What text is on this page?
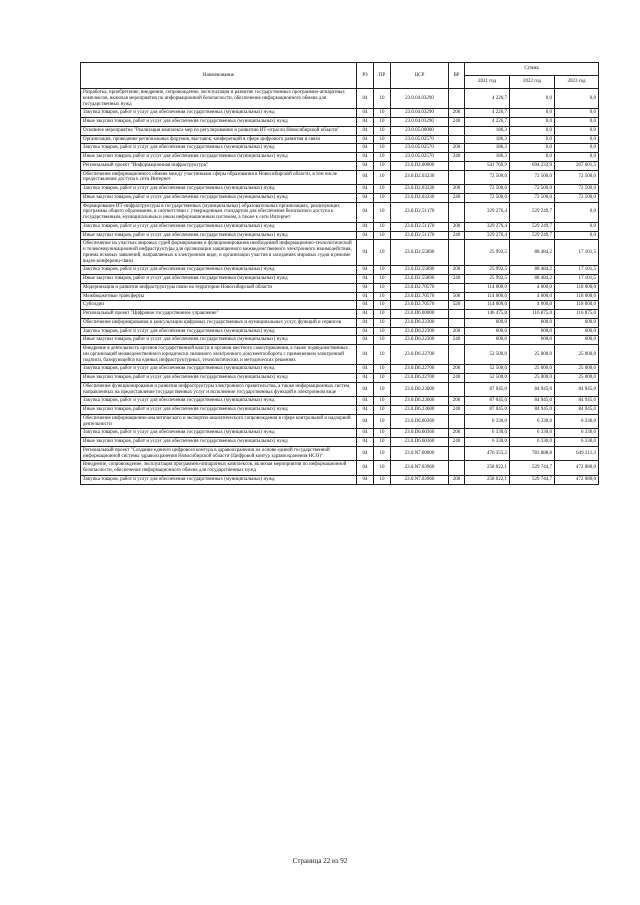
Наименование	РЗ	ПР	ЦСР	ВР	Сумма		
					2021 год	2022 год	2023 год
Разработка, приобретение, внедрение, сопровождение, эксплуатация и развитие государственных программно-аппаратных комплексов, включая мероприятия по информационной безопасности, обеспечение информационного обмена для государственных нужд	04	10	23.0.04.03290		4 226,7	0,0	0,0
Закупка товаров, работ и услуг для обеспечения государственных (муниципальных) нужд	04	10	23.0.04.03290	200	4 226,7	0,0	0,0
Иные закупки товаров, работ и услуг для обеспечения государственных (муниципальных) нужд	04	10	23.0.04.03290	240	4 226,7	0,0	0,0
Основное мероприятие "Реализация комплекса мер по регулированию и развитию ИТ-отрасли Новосибирской области"	04	10	23.0.05.00000		186,3	0,0	0,0
Организация, проведение региональных форумов, выставок, конференций в сфере цифрового развития и связи	04	10	23.0.05.02570		186,3	0,0	0,0
Закупка товаров, работ и услуг для обеспечения государственных (муниципальных) нужд	04	10	23.0.05.02570	200	186,3	0,0	0,0
Иные закупки товаров, работ и услуг для обеспечения государственных (муниципальных) нужд	04	10	23.0.05.02570	240	186,3	0,0	0,0
Региональный проект "Информационная инфраструктура"	04	10	23.0.D2.00000		541 769,9	694 233,9	207 601,5
Обеспечение информационного обмена между участниками сферы образования в Новосибирской области, в том числе предоставление доступа к сети Интернет	04	10	23.0.D2.03230		72 500,0	72 500,0	72 500,0
Закупка товаров, работ и услуг для обеспечения государственных (муниципальных) нужд	04	10	23.0.D2.03230	200	72 500,0	72 500,0	72 500,0
Иные закупки товаров, работ и услуг для обеспечения государственных (муниципальных) нужд	04	10	23.0.D2.03230	240	72 500,0	72 500,0	72 500,0
Формирование ИТ-инфраструктуры в государственных (муниципальных) образовательных организациях, реализующих программы общего образования, в соответствии с утвержденным стандартом для обеспечения безопасного доступа к государственным, муниципальным и иным информационным системам, а также к сети Интернет	04	10	23.0.D2.51170		329 276,4	529 249,7	0,0
Закупка товаров, работ и услуг для обеспечения государственных (муниципальных) нужд	04	10	23.0.D2.51170	200	329 276,4	529 249,7	0,0
Иные закупки товаров, работ и услуг для обеспечения государственных (муниципальных) нужд	04	10	23.0.D2.51170	240	329 276,4	529 249,7	0,0
Обеспечение на участках мировых судей формирования и функционирования необходимой информационно-технологической и телекоммуникационной инфраструктуры для организации защищенного межведомственного электронного взаимодействия, приема исковых заявлений, направляемых в электронном виде, и организации участия в заседаниях мировых судов в режиме видео-конференц-связи	04	10	23.0.D2.55890		25 992,5	88 484,2	17 101,5
Закупка товаров, работ и услуг для обеспечения государственных (муниципальных) нужд	04	10	23.0.D2.55890	200	25 992,5	88 484,2	17 101,5
Иные закупки товаров, работ и услуг для обеспечения государственных (муниципальных) нужд	04	10	23.0.D2.55890	240	25 992,5	88 484,2	17 101,5
Модернизация и развитие инфраструктуры связи на территории Новосибирской области	04	10	23.0.D2.70570		114 000,0	4 000,0	118 000,0
Межбюджетные трансферты	04	10	23.0.D2.70570	500	114 000,0	4 000,0	118 000,0
Субсидии	04	10	23.0.D2.70570	520	114 000,0	4 000,0	118 000,0
Региональный проект "Цифровое государственное управление"	04	10	23.0.D6.00000		146 475,0	116 875,0	116 875,0
Обеспечение информирования и консультации цифровых государственных и муниципальных услуг, функций и сервисов	04	10	23.0.D6.22300		600,0	600,0	600,0
Закупка товаров, работ и услуг для обеспечения государственных (муниципальных) нужд	04	10	23.0.D6.22300	200	600,0	600,0	600,0
Иные закупки товаров, работ и услуг для обеспечения государственных (муниципальных) нужд	04	10	23.0.D6.22300	240	600,0	600,0	600,0
Внедрение в деятельность органов государственной власти и органов местного самоуправления, а также подведомственных им организаций межведомственного юридически значимого электронного документооборота с применением электронной подписи, базирующейся на единых инфраструктурных, технологических и методических решениях	04	10	23.0.D6.22700		52 500,0	25 000,0	25 000,0
Закупка товаров, работ и услуг для обеспечения государственных (муниципальных) нужд	04	10	23.0.D6.22700	200	52 500,0	25 000,0	25 000,0
Иные закупки товаров, работ и услуг для обеспечения государственных (муниципальных) нужд	04	10	23.0.D6.22700	240	52 500,0	25 000,0	25 000,0
Обеспечение функционирования и развития инфраструктуры электронного правительства, а также информационных систем, направленных на предоставление государственных услуг и исполнение государственных функций в электронном виде	04	10	23.0.D6.23600		87 045,0	84 945,0	84 945,0
Закупка товаров, работ и услуг для обеспечения государственных (муниципальных) нужд	04	10	23.0.D6.23600	200	87 045,0	84 945,0	84 945,0
Иные закупки товаров, работ и услуг для обеспечения государственных (муниципальных) нужд	04	10	23.0.D6.23600	240	87 045,0	84 945,0	84 945,0
Обеспечение информационно-аналитического и экспертно-аналитического сопровождения в сфере контрольной и надзорной деятельности	04	10	23.0.D6.60360		6 330,0	6 330,0	6 330,0
Закупка товаров, работ и услуг для обеспечения государственных (муниципальных) нужд	04	10	23.0.D6.60360	200	6 330,0	6 330,0	6 330,0
Иные закупки товаров, работ и услуг для обеспечения государственных (муниципальных) нужд	04	10	23.0.D6.60360	240	6 330,0	6 330,0	6 330,0
Региональный проект "Создание единого цифрового контура в здравоохранении на основе единой государственной информационной системы здравоохранения Новосибирской области (Цифровой контур здравоохранения НСО)"	04	10	23.0.N7.00000		476 355,2	783 888,8	649 211,3
Внедрение, сопровождение, эксплуатация программно-аппаратных комплексов, включая мероприятия по информационной безопасности, обеспечение информационного обмена для государственных нужд	04	10	23.0.N7.03960		258 022,1	529 744,7	472 080,0
Закупка товаров, работ и услуг для обеспечения государственных (муниципальных) нужд	04	10	23.0.N7.03960	200	258 022,1	529 744,7	472 080,0
Страница 22 из 92
